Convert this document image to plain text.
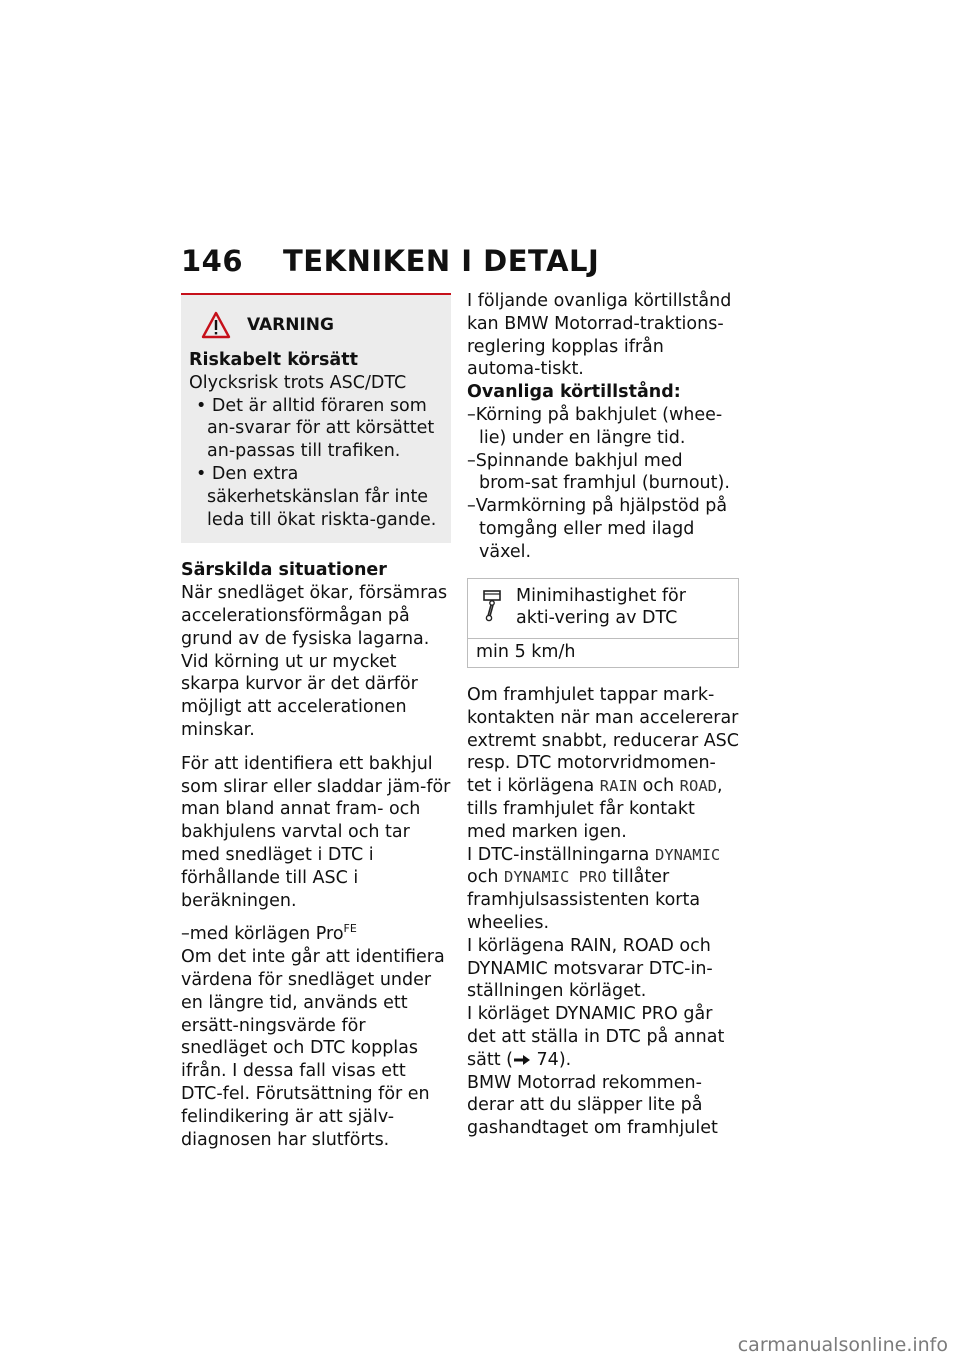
146 TEKNIKEN I DETALJ
VARNING
Riskabelt körsätt
Olycksrisk trots ASC/DTC
• Det är alltid föraren som an-svarar för att körsättet an-passas till trafiken.
• Den extra säkerhetskänslan får inte leda till ökat riskta-gande.
Särskilda situationer
När snedläget ökar, försämras accelerationsförmågan på grund av de fysiska lagarna. Vid körning ut ur mycket skarpa kurvor är det därför möjligt att accelerationen minskar.
För att identifiera ett bakhjul som slirar eller sladdar jäm-för man bland annat fram- och bakhjulens varvtal och tar med snedläget i DTC i förhållande till ASC i beräkningen.
–med körlägen Pro$^{FE}$
Om det inte går att identifiera värdena för snedläget under en längre tid, används ett ersätt-ningsvärde för snedläget och DTC kopplas ifrån. I dessa fall visas ett DTC-fel. Förutsättning för en felindikering är att själv-diagnosen har slutförts.
I följande ovanliga körtillstånd kan BMW Motorrad-traktions-reglering kopplas ifrån automa-tiskt.
Ovanliga körtillstånd:
–Körning på bakhjulet (whee-lie) under en längre tid.
–Spinnande bakhjul med brom-sat framhjul (burnout).
–Varmkörning på hjälpstöd på tomgång eller med ilagd växel.
Minimihastighet för akti-vering av DTC
min 5 km/h
Om framhjulet tappar mark-kontakten när man accelererar extremt snabbt, reducerar ASC resp. DTC motorvridmomen-tet i körlägena RAIN och ROAD, tills framhjulet får kontakt med marken igen.
I DTC-inställningarna DYNAMIC och DYNAMIC PRO tillåter framhjulsassistenten korta wheelies.
I körlägena RAIN, ROAD och DYNAMIC motsvarar DTC-in-ställningen körläget.
I körläget DYNAMIC PRO går det att ställa in DTC på annat sätt ( 74).
BMW Motorrad rekommen-derar att du släpper lite på gashandtaget om framhjulet
carmanualsonline.info
